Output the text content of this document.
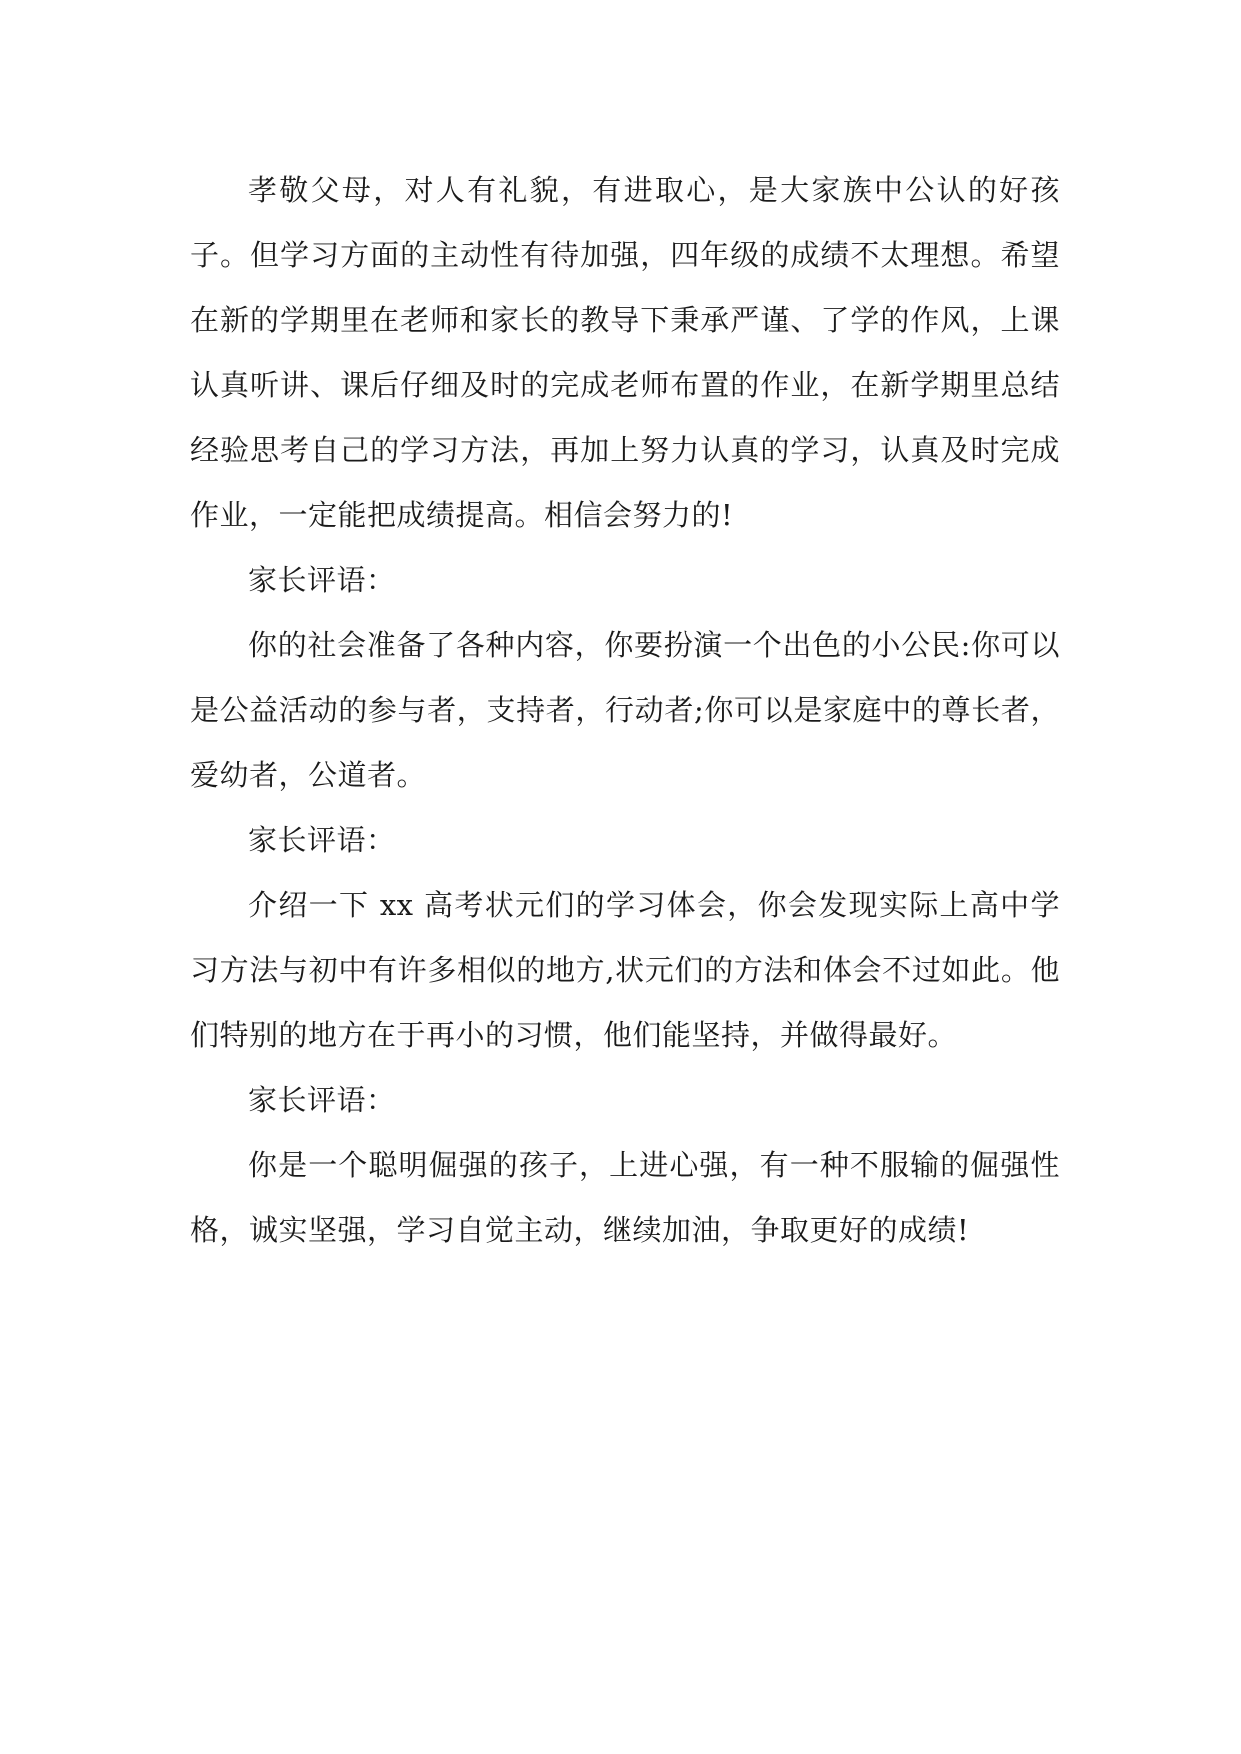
孝敬父母，对人有礼貌，有进取心，是大家族中公认的好孩子。但学习方面的主动性有待加强，四年级的成绩不太理想。希望在新的学期里在老师和家长的教导下秉承严谨、了学的作风，上课认真听讲、课后仔细及时的完成老师布置的作业，在新学期里总结经验思考自己的学习方法，再加上努力认真的学习，认真及时完成作业，一定能把成绩提高。相信会努力的!

家长评语：

你的社会准备了各种内容，你要扮演一个出色的小公民:你可以是公益活动的参与者，支持者，行动者;你可以是家庭中的尊长者，爱幼者，公道者。

家长评语：

介绍一下 xx 高考状元们的学习体会，你会发现实际上高中学习方法与初中有许多相似的地方,状元们的方法和体会不过如此。他们特别的地方在于再小的习惯，他们能坚持，并做得最好。

家长评语：

你是一个聪明倔强的孩子，上进心强，有一种不服输的倔强性格，诚实坚强，学习自觉主动，继续加油，争取更好的成绩!
